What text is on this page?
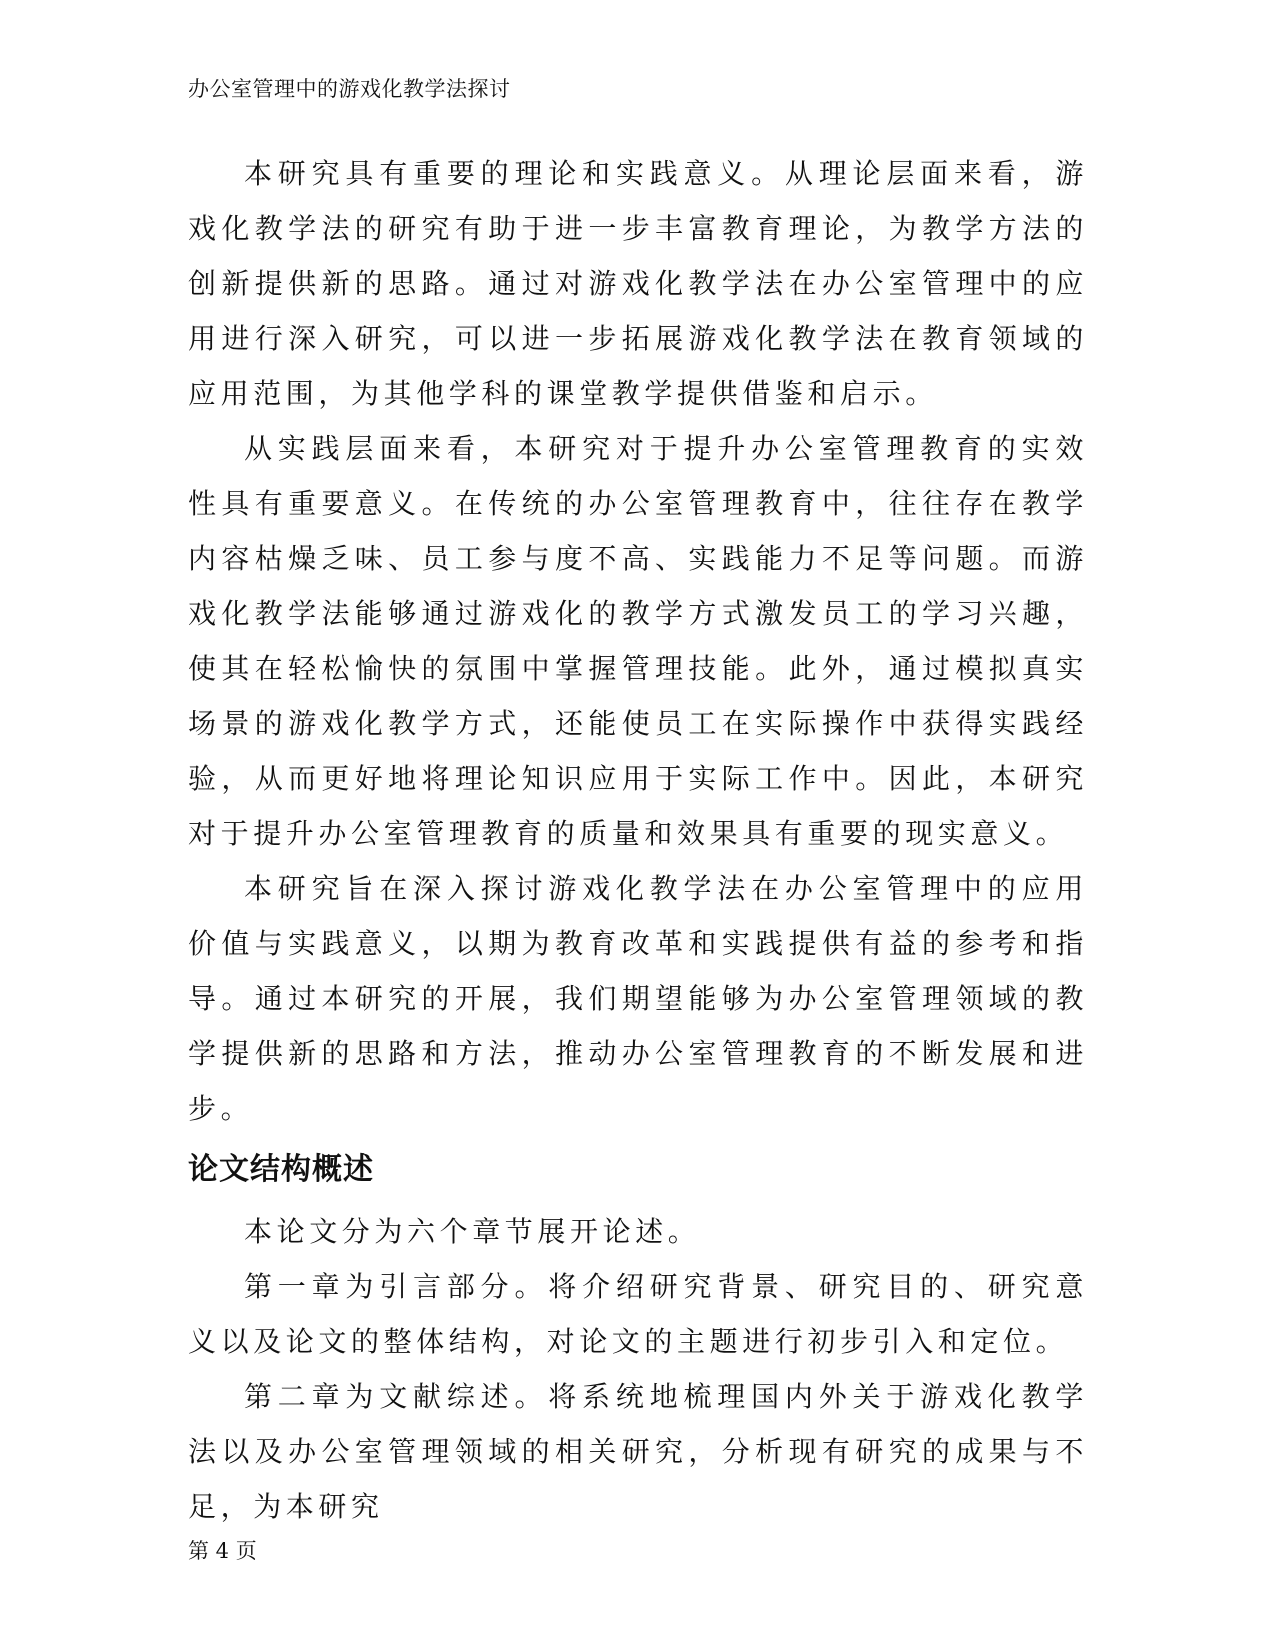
办公室管理中的游戏化教学法探讨

本研究具有重要的理论和实践意义。从理论层面来看，游戏化教学法的研究有助于进一步丰富教育理论，为教学方法的创新提供新的思路。通过对游戏化教学法在办公室管理中的应用进行深入研究，可以进一步拓展游戏化教学法在教育领域的应用范围，为其他学科的课堂教学提供借鉴和启示。

从实践层面来看，本研究对于提升办公室管理教育的实效性具有重要意义。在传统的办公室管理教育中，往往存在教学内容枯燥乏味、员工参与度不高、实践能力不足等问题。而游戏化教学法能够通过游戏化的教学方式激发员工的学习兴趣，使其在轻松愉快的氛围中掌握管理技能。此外，通过模拟真实场景的游戏化教学方式，还能使员工在实际操作中获得实践经验，从而更好地将理论知识应用于实际工作中。因此，本研究对于提升办公室管理教育的质量和效果具有重要的现实意义。

本研究旨在深入探讨游戏化教学法在办公室管理中的应用价值与实践意义，以期为教育改革和实践提供有益的参考和指导。通过本研究的开展，我们期望能够为办公室管理领域的教学提供新的思路和方法，推动办公室管理教育的不断发展和进步。

论文结构概述

本论文分为六个章节展开论述。

第一章为引言部分。将介绍研究背景、研究目的、研究意义以及论文的整体结构，对论文的主题进行初步引入和定位。

第二章为文献综述。将系统地梳理国内外关于游戏化教学法以及办公室管理领域的相关研究，分析现有研究的成果与不足，为本研究

第 4 页
